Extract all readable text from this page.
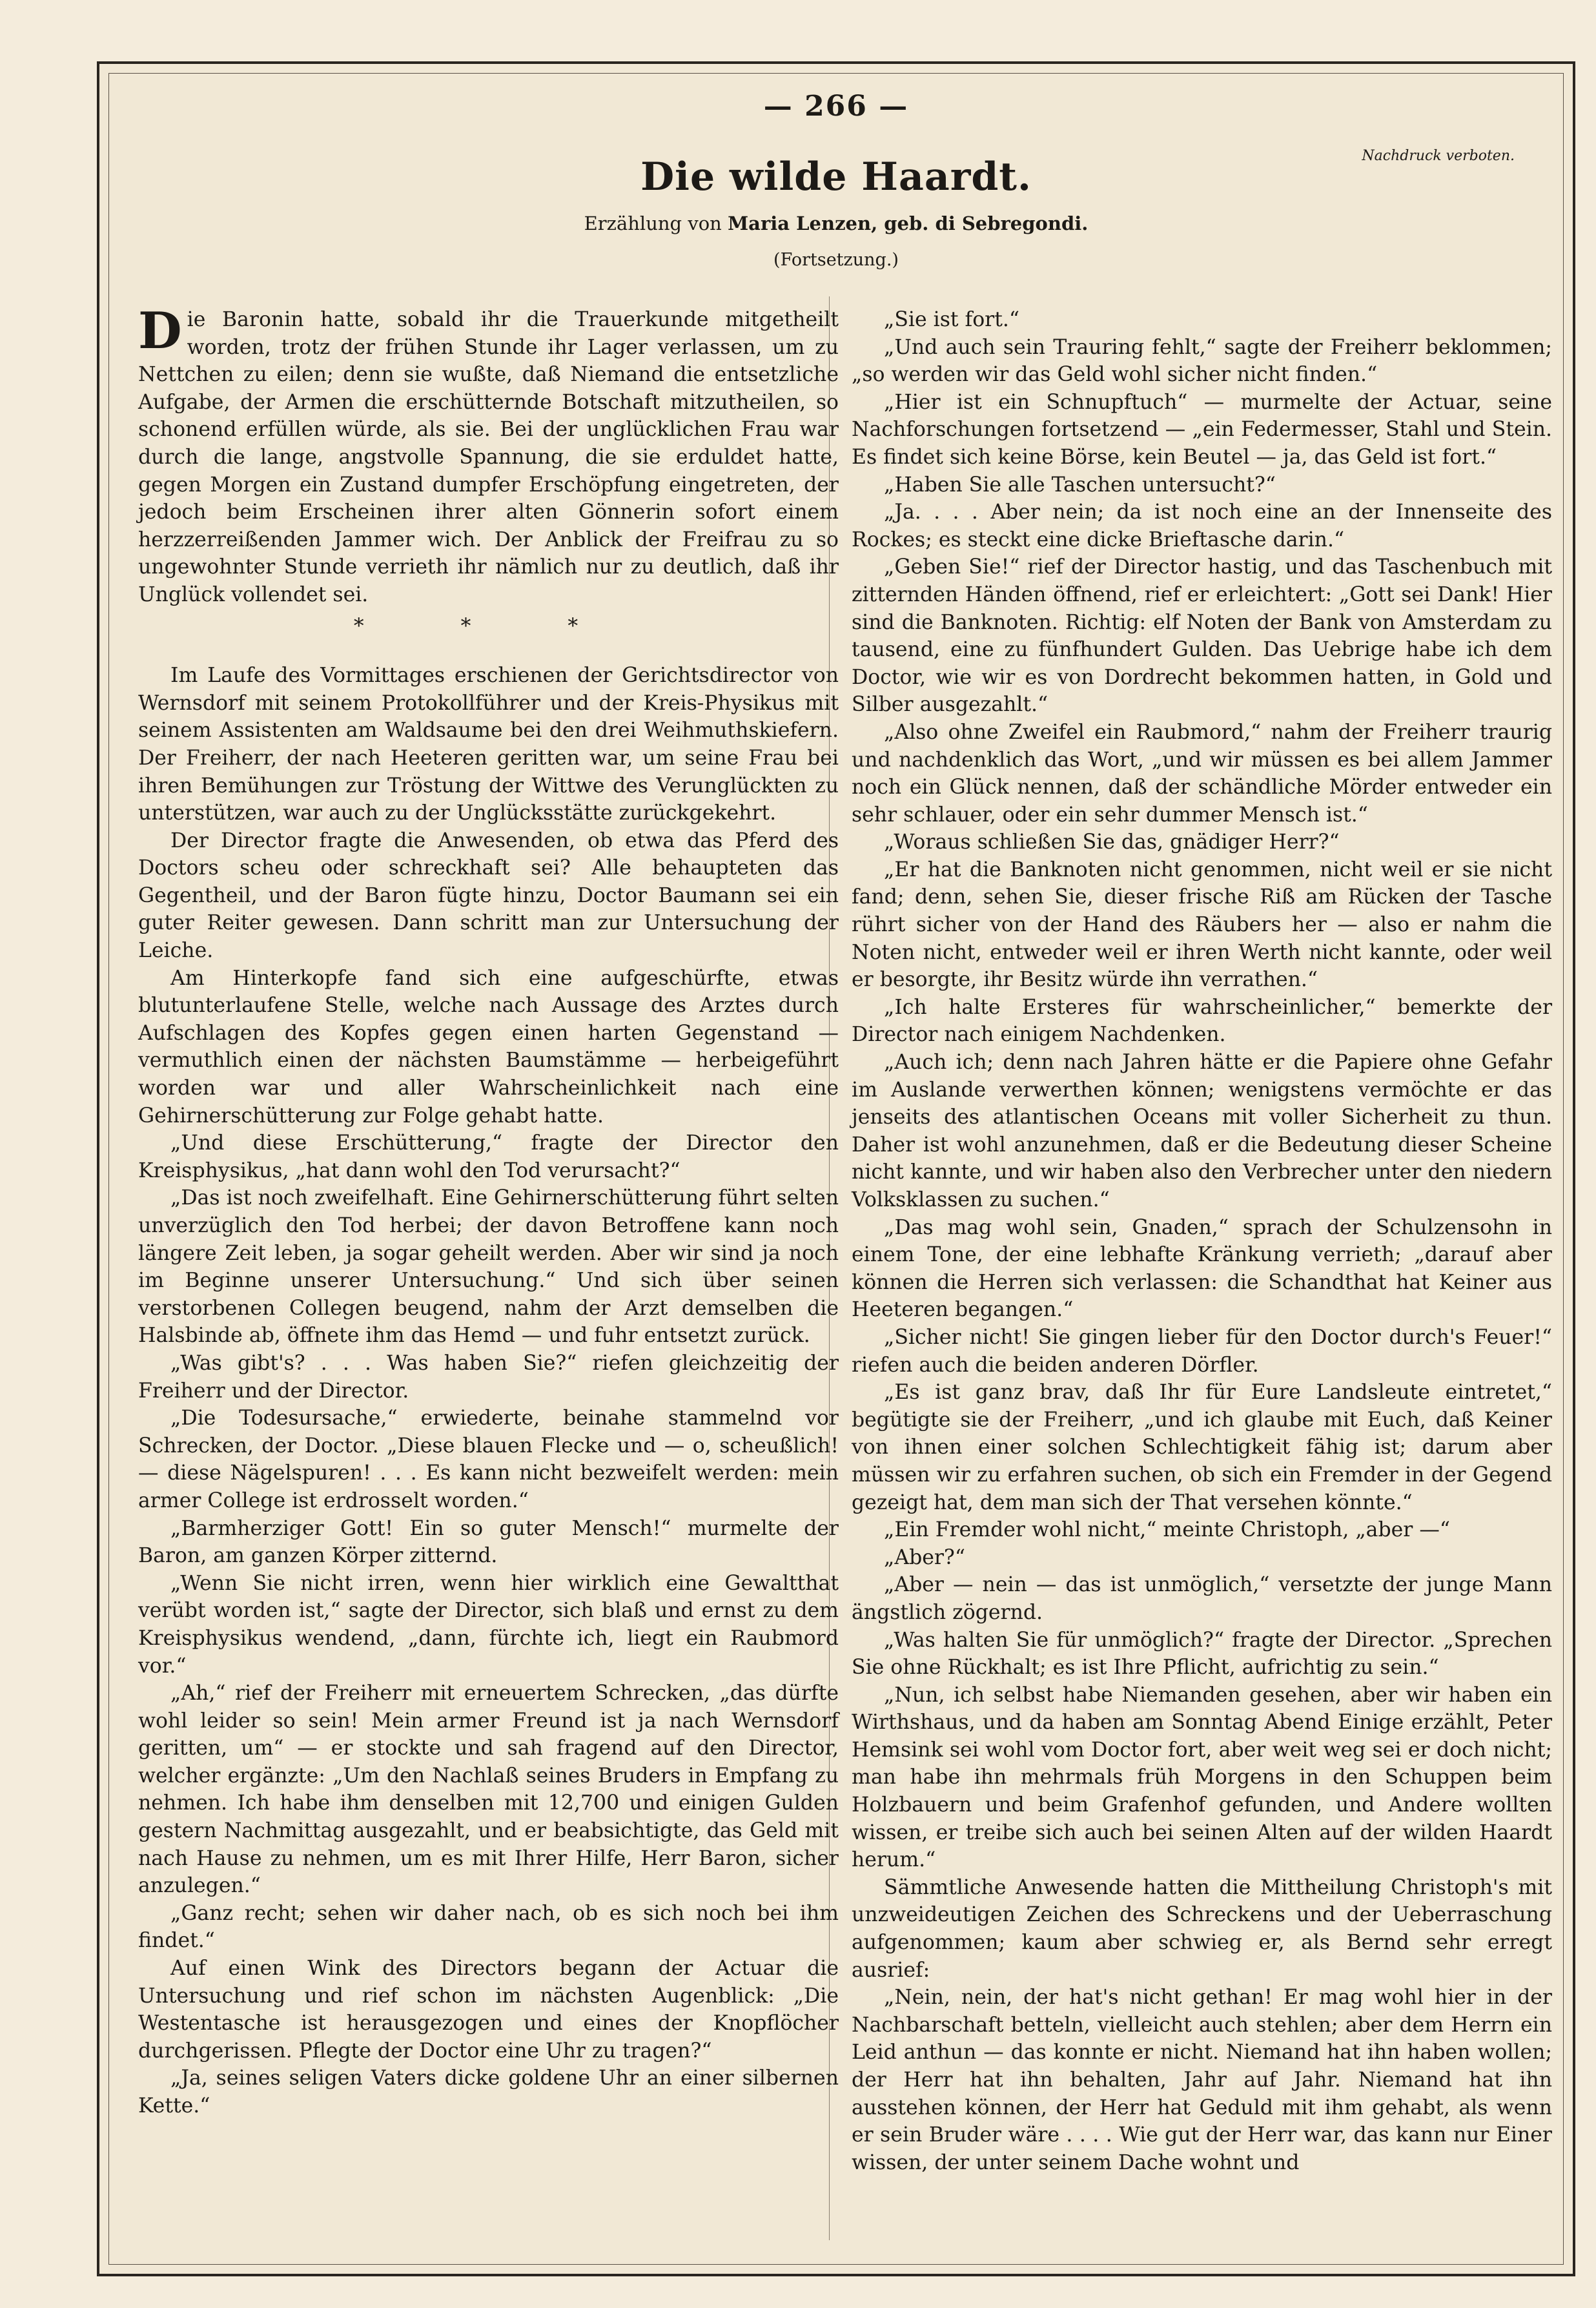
— 266 —
Nachdruck verboten.
Die wilde Haardt.
Erzählung von Maria Lenzen, geb. di Sebregondi.
(Fortsetzung.)

Die Baronin hatte, sobald ihr die Trauerkunde mitgetheilt worden, trotz der frühen Stunde ihr Lager verlassen, um zu Nettchen zu eilen; denn sie wußte, daß Niemand die entsetzliche Aufgabe, der Armen die erschütternde Botschaft mitzutheilen, so schonend erfüllen würde, als sie. Bei der unglücklichen Frau war durch die lange, angstvolle Spannung, die sie erduldet hatte, gegen Morgen ein Zustand dumpfer Erschöpfung eingetreten, der jedoch beim Erscheinen ihrer alten Gönnerin sofort einem herzzerreißenden Jammer wich. Der Anblick der Freifrau zu so ungewohnter Stunde verrieth ihr nämlich nur zu deutlich, daß ihr Unglück vollendet sei.

* * *

Im Laufe des Vormittages erschienen der Gerichtsdirector von Wernsdorf mit seinem Protokollführer und der Kreis-Physikus mit seinem Assistenten am Waldsaume bei den drei Weihmuthskiefern. Der Freiherr, der nach Heeteren geritten war, um seine Frau bei ihren Bemühungen zur Tröstung der Wittwe des Verunglückten zu unterstützen, war auch zu der Unglücksstätte zurückgekehrt.

Der Director fragte die Anwesenden, ob etwa das Pferd des Doctors scheu oder schreckhaft sei? Alle behaupteten das Gegentheil, und der Baron fügte hinzu, Doctor Baumann sei ein guter Reiter gewesen. Dann schritt man zur Untersuchung der Leiche.

Am Hinterkopfe fand sich eine aufgeschürfte, etwas blutunterlaufene Stelle, welche nach Aussage des Arztes durch Aufschlagen des Kopfes gegen einen harten Gegenstand — vermuthlich einen der nächsten Baumstämme — herbeigeführt worden war und aller Wahrscheinlichkeit nach eine Gehirnerschütterung zur Folge gehabt hatte.

„Und diese Erschütterung,“ fragte der Director den Kreisphysikus, „hat dann wohl den Tod verursacht?“

„Das ist noch zweifelhaft. Eine Gehirnerschütterung führt selten unverzüglich den Tod herbei; der davon Betroffene kann noch längere Zeit leben, ja sogar geheilt werden. Aber wir sind ja noch im Beginne unserer Untersuchung.“ Und sich über seinen verstorbenen Collegen beugend, nahm der Arzt demselben die Halsbinde ab, öffnete ihm das Hemd — und fuhr entsetzt zurück.

„Was gibt's? . . . Was haben Sie?“ riefen gleichzeitig der Freiherr und der Director.

„Die Todesursache,“ erwiederte, beinahe stammelnd vor Schrecken, der Doctor. „Diese blauen Flecke und — o, scheußlich! — diese Nägelspuren! . . . Es kann nicht bezweifelt werden: mein armer College ist erdrosselt worden.“

„Barmherziger Gott! Ein so guter Mensch!“ murmelte der Baron, am ganzen Körper zitternd.

„Wenn Sie nicht irren, wenn hier wirklich eine Gewaltthat verübt worden ist,“ sagte der Director, sich blaß und ernst zu dem Kreisphysikus wendend, „dann, fürchte ich, liegt ein Raubmord vor.“

„Ah,“ rief der Freiherr mit erneuertem Schrecken, „das dürfte wohl leider so sein! Mein armer Freund ist ja nach Wernsdorf geritten, um“ — er stockte und sah fragend auf den Director, welcher ergänzte: „Um den Nachlaß seines Bruders in Empfang zu nehmen. Ich habe ihm denselben mit 12,700 und einigen Gulden gestern Nachmittag ausgezahlt, und er beabsichtigte, das Geld mit nach Hause zu nehmen, um es mit Ihrer Hilfe, Herr Baron, sicher anzulegen.“

„Ganz recht; sehen wir daher nach, ob es sich noch bei ihm findet.“

Auf einen Wink des Directors begann der Actuar die Untersuchung und rief schon im nächsten Augenblick: „Die Westentasche ist herausgezogen und eines der Knopflöcher durchgerissen. Pflegte der Doctor eine Uhr zu tragen?“

„Ja, seines seligen Vaters dicke goldene Uhr an einer silbernen Kette.“

„Sie ist fort.“

„Und auch sein Trauring fehlt,“ sagte der Freiherr beklommen; „so werden wir das Geld wohl sicher nicht finden.“

„Hier ist ein Schnupftuch“ — murmelte der Actuar, seine Nachforschungen fortsetzend — „ein Federmesser, Stahl und Stein. Es findet sich keine Börse, kein Beutel — ja, das Geld ist fort.“

„Haben Sie alle Taschen untersucht?“

„Ja. . . . Aber nein; da ist noch eine an der Innenseite des Rockes; es steckt eine dicke Brieftasche darin.“

„Geben Sie!“ rief der Director hastig, und das Taschenbuch mit zitternden Händen öffnend, rief er erleichtert: „Gott sei Dank! Hier sind die Banknoten. Richtig: elf Noten der Bank von Amsterdam zu tausend, eine zu fünfhundert Gulden. Das Uebrige habe ich dem Doctor, wie wir es von Dordrecht bekommen hatten, in Gold und Silber ausgezahlt.“

„Also ohne Zweifel ein Raubmord,“ nahm der Freiherr traurig und nachdenklich das Wort, „und wir müssen es bei allem Jammer noch ein Glück nennen, daß der schändliche Mörder entweder ein sehr schlauer, oder ein sehr dummer Mensch ist.“

„Woraus schließen Sie das, gnädiger Herr?“

„Er hat die Banknoten nicht genommen, nicht weil er sie nicht fand; denn, sehen Sie, dieser frische Riß am Rücken der Tasche rührt sicher von der Hand des Räubers her — also er nahm die Noten nicht, entweder weil er ihren Werth nicht kannte, oder weil er besorgte, ihr Besitz würde ihn verrathen.“

„Ich halte Ersteres für wahrscheinlicher,“ bemerkte der Director nach einigem Nachdenken.

„Auch ich; denn nach Jahren hätte er die Papiere ohne Gefahr im Auslande verwerthen können; wenigstens vermöchte er das jenseits des atlantischen Oceans mit voller Sicherheit zu thun. Daher ist wohl anzunehmen, daß er die Bedeutung dieser Scheine nicht kannte, und wir haben also den Verbrecher unter den niedern Volksklassen zu suchen.“

„Das mag wohl sein, Gnaden,“ sprach der Schulzensohn in einem Tone, der eine lebhafte Kränkung verrieth; „darauf aber können die Herren sich verlassen: die Schandthat hat Keiner aus Heeteren begangen.“

„Sicher nicht! Sie gingen lieber für den Doctor durch's Feuer!“ riefen auch die beiden anderen Dörfler.

„Es ist ganz brav, daß Ihr für Eure Landsleute eintretet,“ begütigte sie der Freiherr, „und ich glaube mit Euch, daß Keiner von ihnen einer solchen Schlechtigkeit fähig ist; darum aber müssen wir zu erfahren suchen, ob sich ein Fremder in der Gegend gezeigt hat, dem man sich der That versehen könnte.“

„Ein Fremder wohl nicht,“ meinte Christoph, „aber —“

„Aber?“

„Aber — nein — das ist unmöglich,“ versetzte der junge Mann ängstlich zögernd.

„Was halten Sie für unmöglich?“ fragte der Director. „Sprechen Sie ohne Rückhalt; es ist Ihre Pflicht, aufrichtig zu sein.“

„Nun, ich selbst habe Niemanden gesehen, aber wir haben ein Wirthshaus, und da haben am Sonntag Abend Einige erzählt, Peter Hemsink sei wohl vom Doctor fort, aber weit weg sei er doch nicht; man habe ihn mehrmals früh Morgens in den Schuppen beim Holzbauern und beim Grafenhof gefunden, und Andere wollten wissen, er treibe sich auch bei seinen Alten auf der wilden Haardt herum.“

Sämmtliche Anwesende hatten die Mittheilung Christoph's mit unzweideutigen Zeichen des Schreckens und der Ueberraschung aufgenommen; kaum aber schwieg er, als Bernd sehr erregt ausrief:

„Nein, nein, der hat's nicht gethan! Er mag wohl hier in der Nachbarschaft betteln, vielleicht auch stehlen; aber dem Herrn ein Leid anthun — das konnte er nicht. Niemand hat ihn haben wollen; der Herr hat ihn behalten, Jahr auf Jahr. Niemand hat ihn ausstehen können, der Herr hat Geduld mit ihm gehabt, als wenn er sein Bruder wäre . . . . Wie gut der Herr war, das kann nur Einer wissen, der unter seinem Dache wohnt und
